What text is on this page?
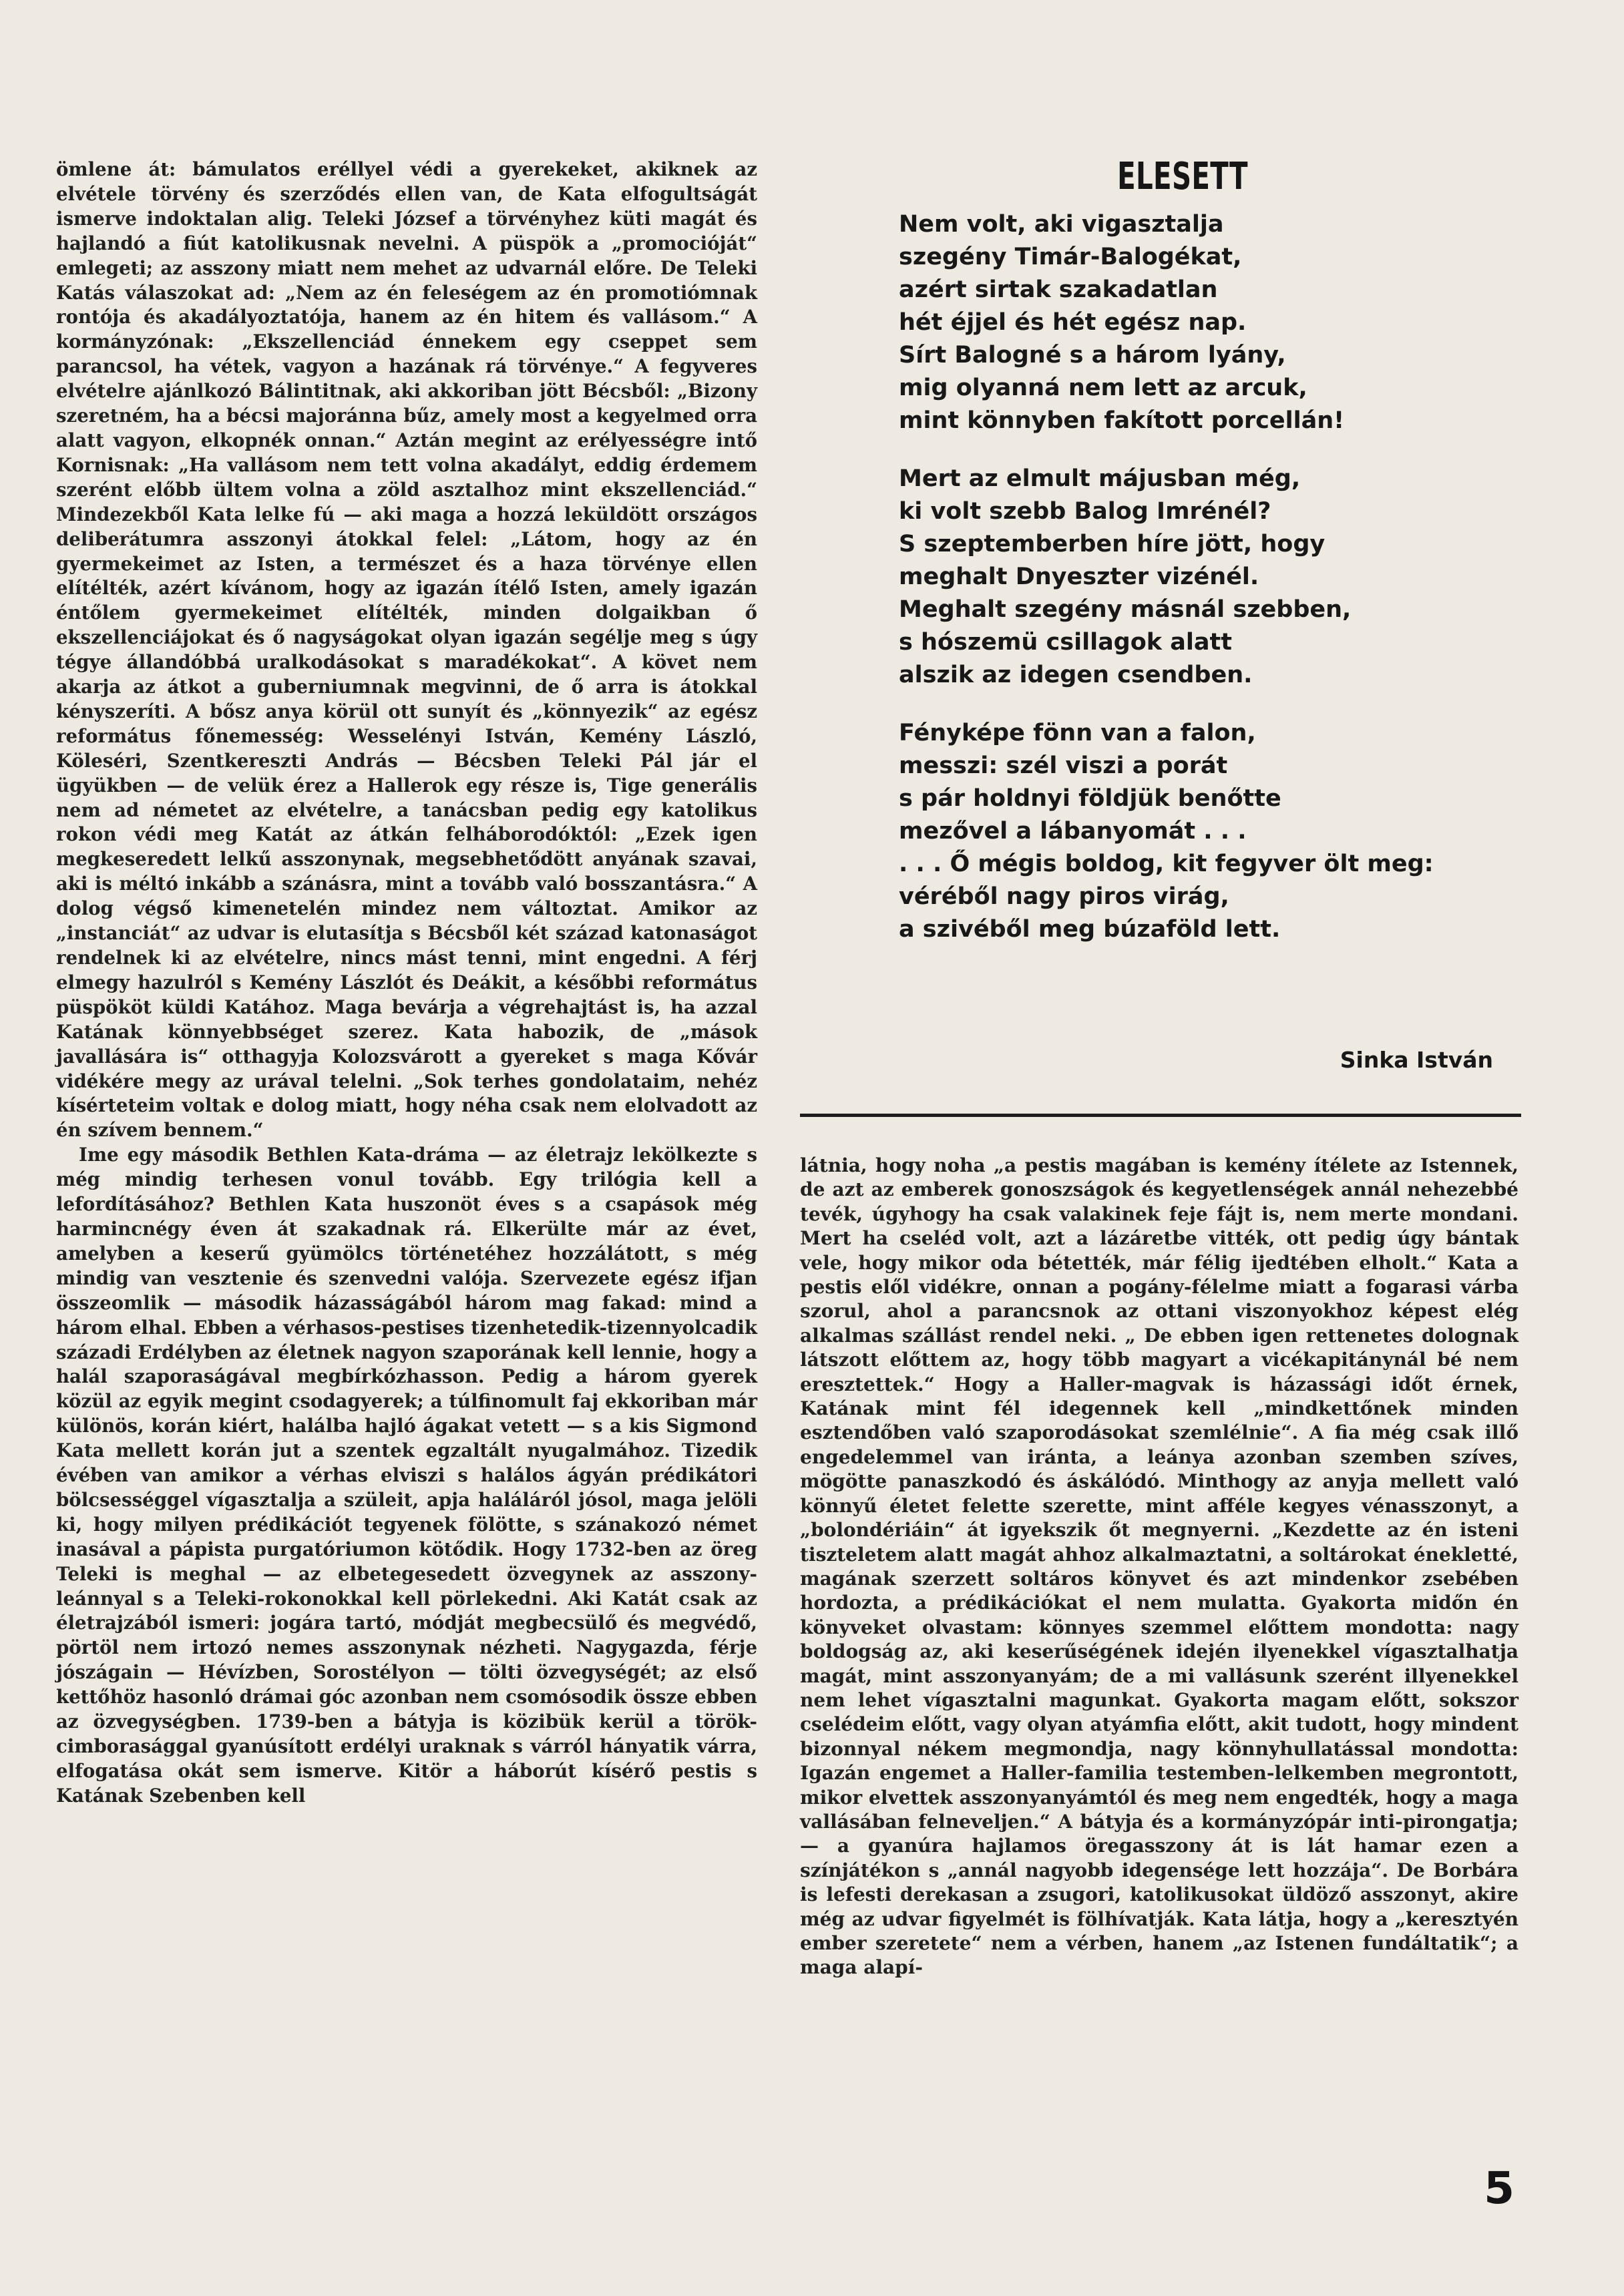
ömlene át: bámulatos eréllyel védi a gyerekeket, akiknek az elvétele törvény és szerződés ellen van, de Kata elfogultságát ismerve indoktalan alig. Teleki József a törvényhez küti magát és hajlandó a fiút katolikusnak nevelni. A püspök a „promocióját“ emlegeti; az asszony miatt nem mehet az udvarnál előre. De Teleki Katás válaszokat ad: „Nem az én feleségem az én promotiómnak rontója és akadályoztatója, hanem az én hitem és vallásom.“ A kormányzónak: „Ekszellenciád énnekem egy csеppet sem parancsol, ha vétek, vagyon a hazának rá törvénye.“ A fegyveres elvételre ajánlkozó Bálintitnak, aki akkoriban jött Bécsből: „Bizony szeretném, ha a bécsi majoránna bűz, amely most a kegyelmed orra alatt vagyon, elkopnék onnan.“ Aztán megint az erélyességre intő Kornisnak: „Ha vallásom nem tett volna akadályt, eddig érdemem szerént előbb ültem volna a zöld asztalhoz mint ekszellenciád.“ Mindezekből Kata lelke fú — aki maga a hozzá leküldött országos deliberátumra asszonyi átokkal felel: „Látom, hogy az én gyermekeimet az Isten, a természet és a haza törvénye ellen elítélték, azért kívánom, hogy az igazán ítélő Isten, amely igazán éntőlem gyermekeimet elítélték, minden dolgaikban ő ekszellenciájokat és ő nagyságokat olyan igazán segélje meg s úgy tégye állandóbbá uralkodásokat s maradékokat“. A követ nem akarja az átkot a guberniumnak megvinni, de ő arra is átokkal kényszeríti. A bősz anya körül ott sunyít és „könnyezik“ az egész református főnemesség: Wesselényi István, Kemény László, Köleséri, Szentkereszti András — Bécsben Teleki Pál jár el ügyükben — de velük érez a Hallerok egy része is, Tige generális nem ad németet az elvételre, a tanácsban pedig egy katolikus rokon védi meg Katát az átkán felháborodóktól: „Ezek igen megkeseredett lelkű asszonynak, megsebhetődött anyának szavai, aki is méltó inkább a szánásra, mint a tovább való bosszantásra.“ A dolog végső kimenetelén mindez nem változtat. Amikor az „instanciát“ az udvar is elutasítja s Bécsből két század katonaságot rendelnek ki az elvételre, nincs mást tenni, mint engedni. A férj elmegy hazulról s Kemény Lászlót és Deákit, a későbbi református püspököt küldi Katához. Maga bevárja a végrehajtást is, ha azzal Katának könnyebbséget szerez. Kata habozik, de „mások javallására is“ otthagyja Kolozsvárott a gyereket s maga Kővár vidékére megy az urával telelni. „Sok terhes gondolataim, nehéz kísérteteim voltak e dolog miatt, hogy néha csak nem elolvadott az én szívem bennem.“

Ime egy második Bethlen Kata-dráma — az életrajz lekölkezte s még mindig terhesen vonul tovább. Egy trilógia kell a lefordításához? Bethlen Kata huszonöt éves s a csapások még harmincnégy éven át szakadnak rá. Elkerülte már az évet, amelyben a keserű gyümölcs történetéhez hozzálátott, s még mindig van vesztenie és szenvedni valója. Szervezete egész ifjan összeomlik — második házasságából három mag fakad: mind a három elhal. Ebben a vérhasos-pestises tizenhetedik-tizennyolcadik századi Erdélyben az életnek nagyon szaporának kell lennie, hogy a halál szaporaságával megbírkózhasson. Pedig a három gyerek közül az egyik megint csodagyerek; a túlfinomult faj ekkoriban már különös, korán kiért, halálba hajló ágakat vetett — s a kis Sigmond Kata mellett korán jut a szentek egzaltált nyugalmához. Tizedik évében van amikor a vérhas elviszi s halálos ágyán prédikátori bölcsességgel vígasztalja a szüleit, apja haláláról jósol, maga jelöli ki, hogy milyen prédikációt tegyenek fölötte, s szánakozó német inasával a pápista purgatóriumon kötődik. Hogy 1732-ben az öreg Teleki is meghal — az elbetegesedett özvegynek az asszony-leánnyal s a Teleki-rokonokkal kell pörlekedni. Aki Katát csak az életrajzából ismeri: jogára tartó, módját megbecsülő és megvédő, pörtöl nem irtozó nemes asszonynak nézheti. Nagygazda, férje jószágain — Hévízben, Sorostélyon — tölti özvegységét; az első kettőhöz hasonló drámai góc azonban nem csomósodik össze ebben az özvegységben. 1739-ben a bátyja is közibük kerül a török-cimborasággal gyanúsított erdélyi uraknak s várról hányatik várra, elfogatása okát sem ismerve. Kitör a háborút kísérő pestis s Katának Szebenben kell

ELESETT
Nem volt, aki vigasztalja
szegény Timár-Balogékat,
azért sirtak szakadatlan
hét éjjel és hét egész nap.
Sírt Balogné s a három lyány,
mig olyanná nem lett az arcuk,
mint könnyben fakított porcellán!
Mert az elmult májusban még,
ki volt szebb Balog Imrénél?
S szeptemberben híre jött, hogy
meghalt Dnyeszter vizénél.
Meghalt szegény másnál szebben,
s hószemü csillagok alatt
alszik az idegen csendben.
Fényképe fönn van a falon,
messzi: szél viszi a porát
s pár holdnyi földjük benőtte
mezővel a lábanyomát . . .
. . . Ő mégis boldog, kit fegyver ölt meg:
véréből nagy piros virág,
a szivéből meg búzaföld lett.
Sinka István

látnia, hogy noha „a pestis magában is kemény ítélete az Istennek, de azt az emberek gonoszságok és kegyetlenségek annál nehezebbé tevék, úgyhogy ha csak valakinek feje fájt is, nem merte mondani. Mert ha cseléd volt, azt a lázáretbe vitték, ott pedig úgy bántak vele, hogy mikor oda bétették, már félig ijedtében elholt.“ Kata a pestis elől vidékre, onnan a pogány-félelme miatt a fogarasi várba szorul, ahol a parancsnok az ottani viszonyokhoz képest elég alkalmas szállást rendel neki. „ De ebben igen rettenetes dolognak látszott előttem az, hogy több magyart a vicékapitánynál bé nem eresztettek.“ Hogy a Haller-magvak is házassági időt érnek, Katának mint fél idegennek kell „mindkettőnek minden esztendőben való szaporodásokat szemlélnie“. A fia még csak illő engedelemmel van iránta, a leánya azonban szemben szíves, mögötte panaszkodó és áskálódó. Minthogy az anyja mellett való könnyű életet felette szerette, mint afféle kegyes vénasszonyt, a „bolondériáin“ át igyekszik őt megnyerni. „Kezdette az én isteni tiszteletem alatt magát ahhoz alkalmaztatni, a soltárokat énekletté, magának szerzett soltáros könyvet és azt mindenkor zsebében hordozta, a prédikációkat el nem mulatta. Gyakorta midőn én könyveket olvastam: könnyes szemmel előttem mondotta: nagy boldogság az, aki keserűségének idején ilyenekkel vígasztalhatja magát, mint asszonyanyám; de a mi vallásunk szerént illyenekkel nem lehet vígasztalni magunkat. Gyakorta magam előtt, sokszor cselédeim előtt, vagy olyan atyámfia előtt, akit tudott, hogy mindent bizonnyal nékem megmondja, nagy könnyhullatással mondotta: Igazán engemet a Haller-familia testemben-lelkemben megrontott, mikor elvettek asszonyanyámtól és meg nem engedték, hogy a maga vallásában felneveljen.“ A bátyja és a kormányzópár inti-pirongatja; — a gyanúra hajlamos öregasszony át is lát hamar ezen a színjátékon s „annál nagyobb idegensége lett hozzája“. De Borbára is lefesti derekasan a zsugori, katolikusokat üldöző asszonyt, akire még az udvar figyelmét is fölhívatják. Kata látja, hogy a „keresztyén ember szeretete“ nem a vérben, hanem „az Istenen fundáltatik“; a maga alapí-

5
